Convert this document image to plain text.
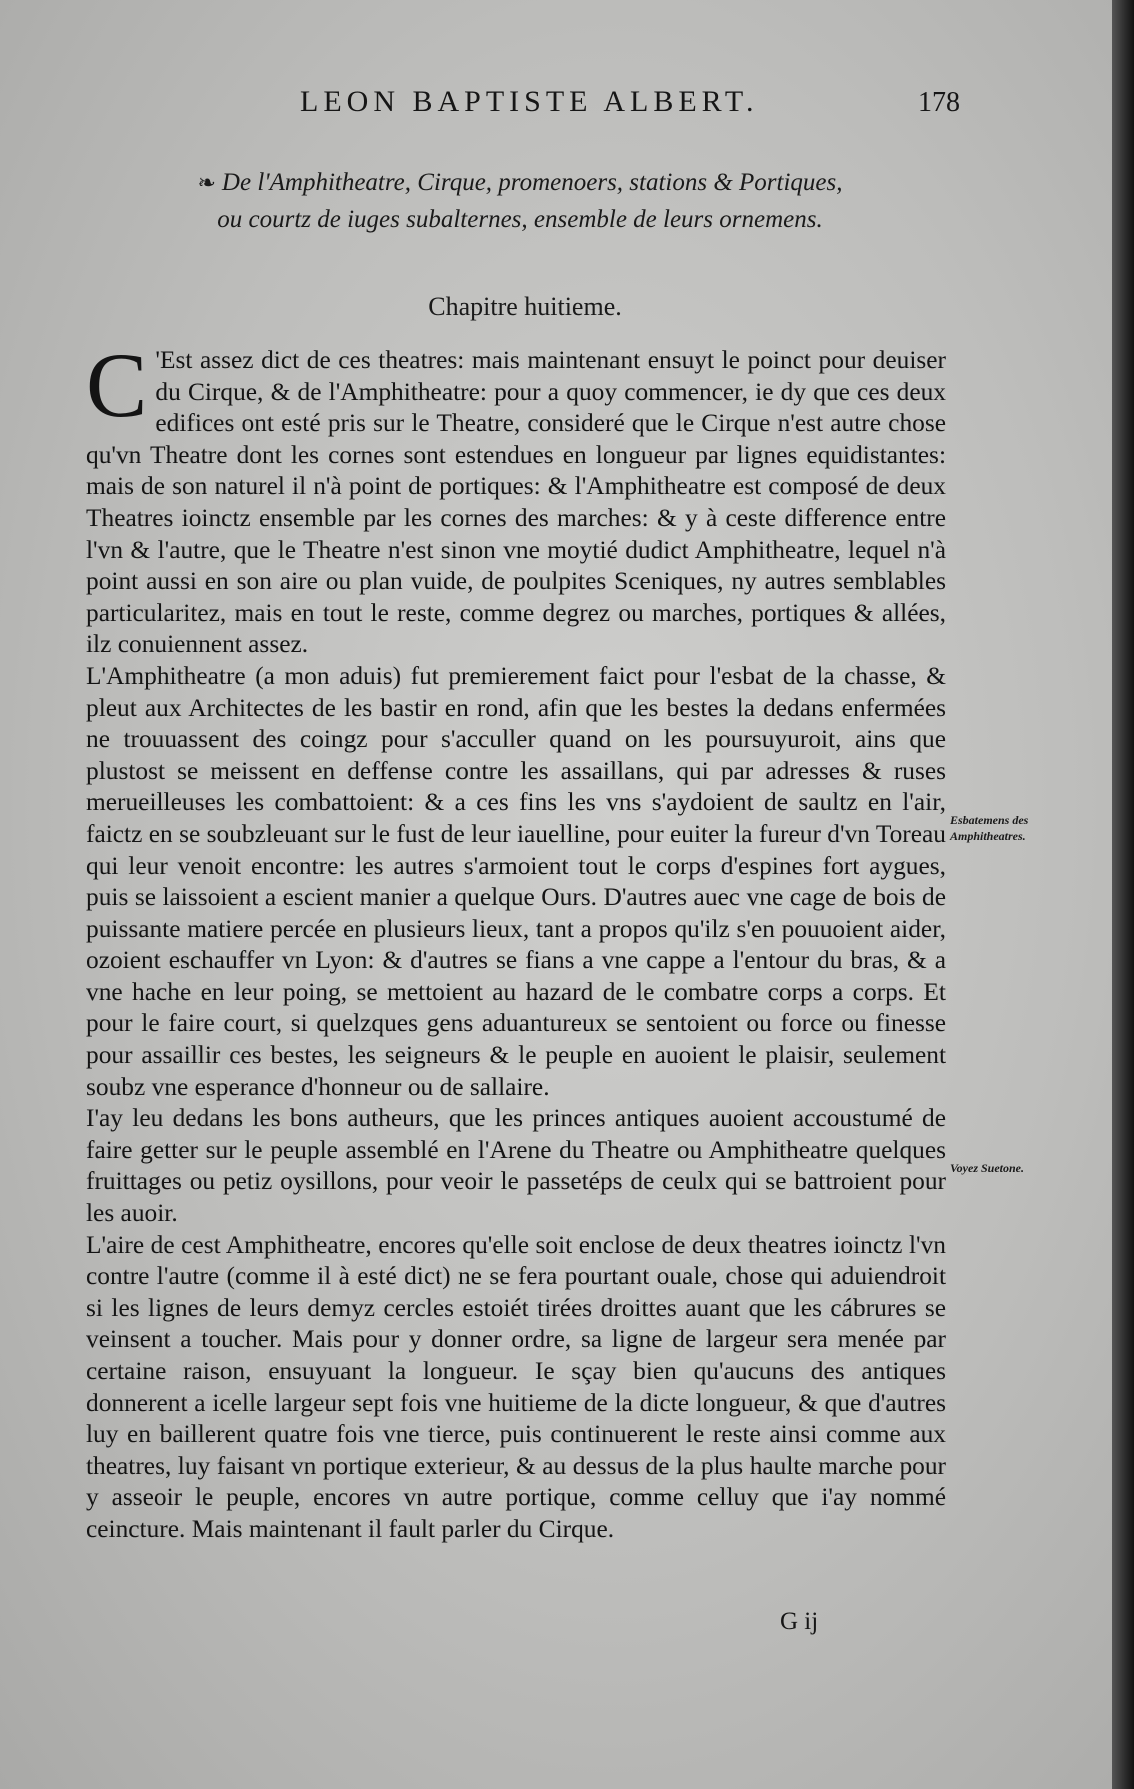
LEON BAPTISTE ALBERT.	178
❧ De l'Amphitheatre, Cirque, promenoers, stations & Portiques, ou courtz de iuges subalternes, ensemble de leurs ornemens.
Chapitre huitieme.

C 'Est assez dict de ces theatres: mais maintenant ensuyt le poinct pour deuiser du Cirque, & de l'Amphitheatre: pour a quoy commencer, ie dy que ces deux edifices ont esté pris sur le Theatre, consideré que le Cirque n'est autre chose qu'vn Theatre dont les cornes sont estendues en longueur par lignes equidistantes: mais de son naturel il n'à point de portiques: & l'Amphitheatre est composé de deux Theatres ioinctz ensemble par les cornes des marches: & y à ceste difference entre l'vn & l'autre, que le Theatre n'est sinon vne moytié dudict Amphitheatre, lequel n'à point aussi en son aire ou plan vuide, de poulpites Sceniques, ny autres semblables particularitez, mais en tout le reste, comme degrez ou marches, portiques & allées, ilz conuiennent assez.

L'Amphitheatre (a mon aduis) fut premierement faict pour l'esbat de la chasse, & pleut aux Architectes de les bastir en rond, afin que les bestes la dedans enfermées ne trouuassent des coingz pour s'acculler quand on les poursuyuroit, ains que plustost se meissent en deffense contre les assaillans, qui par adresses & ruses merueilleuses les combattoient: & a ces fins les vns s'aydoient de saultz en l'air, faictz en se soubzleuant sur le fust de leur iauelline, pour euiter la fureur d'vn Toreau qui leur venoit encontre: les autres s'armoient tout le corps d'espines fort aygues, puis se laissoient a escient manier a quelque Ours. D'autres auec vne cage de bois de puissante matiere percée en plusieurs lieux, tant a propos qu'ilz s'en pouuoient aider, ozoient eschauffer vn Lyon: & d'autres se fians a vne cappe a l'entour du bras, & a vne hache en leur poing, se mettoient au hazard de le combatre corps a corps. Et pour le faire court, si quelzques gens aduantureux se sentoient ou force ou finesse pour assaillir ces bestes, les seigneurs & le peuple en auoient le plaisir, seulement soubz vne esperance d'honneur ou de sallaire.

I'ay leu dedans les bons autheurs, que les princes antiques auoient accoustumé de faire getter sur le peuple assemblé en l'Arene du Theatre ou Amphitheatre quelques fruittages ou petiz oysillons, pour veoir le passetéps de ceulx qui se battroient pour les auoir.

L'aire de cest Amphitheatre, encores qu'elle soit enclose de deux theatres ioinctz l'vn contre l'autre (comme il à esté dict) ne se fera pourtant ouale, chose qui aduiendroit si les lignes de leurs demyz cercles estoiét tirées droittes auant que les cábrures se veinsent a toucher. Mais pour y donner ordre, sa ligne de largeur sera menée par certaine raison, ensuyuant la longueur. Ie sçay bien qu'aucuns des antiques donnerent a icelle largeur sept fois vne huitieme de la dicte longueur, & que d'autres luy en baillerent quatre fois vne tierce, puis continuerent le reste ainsi comme aux theatres, luy faisant vn portique exterieur, & au dessus de la plus haulte marche pour y asseoir le peuple, encores vn autre portique, comme celluy que i'ay nommé ceincture. Mais maintenant il fault parler du Cirque.

Esbatemens des Amphitheatres.
Voyez Suetone.
G ij
